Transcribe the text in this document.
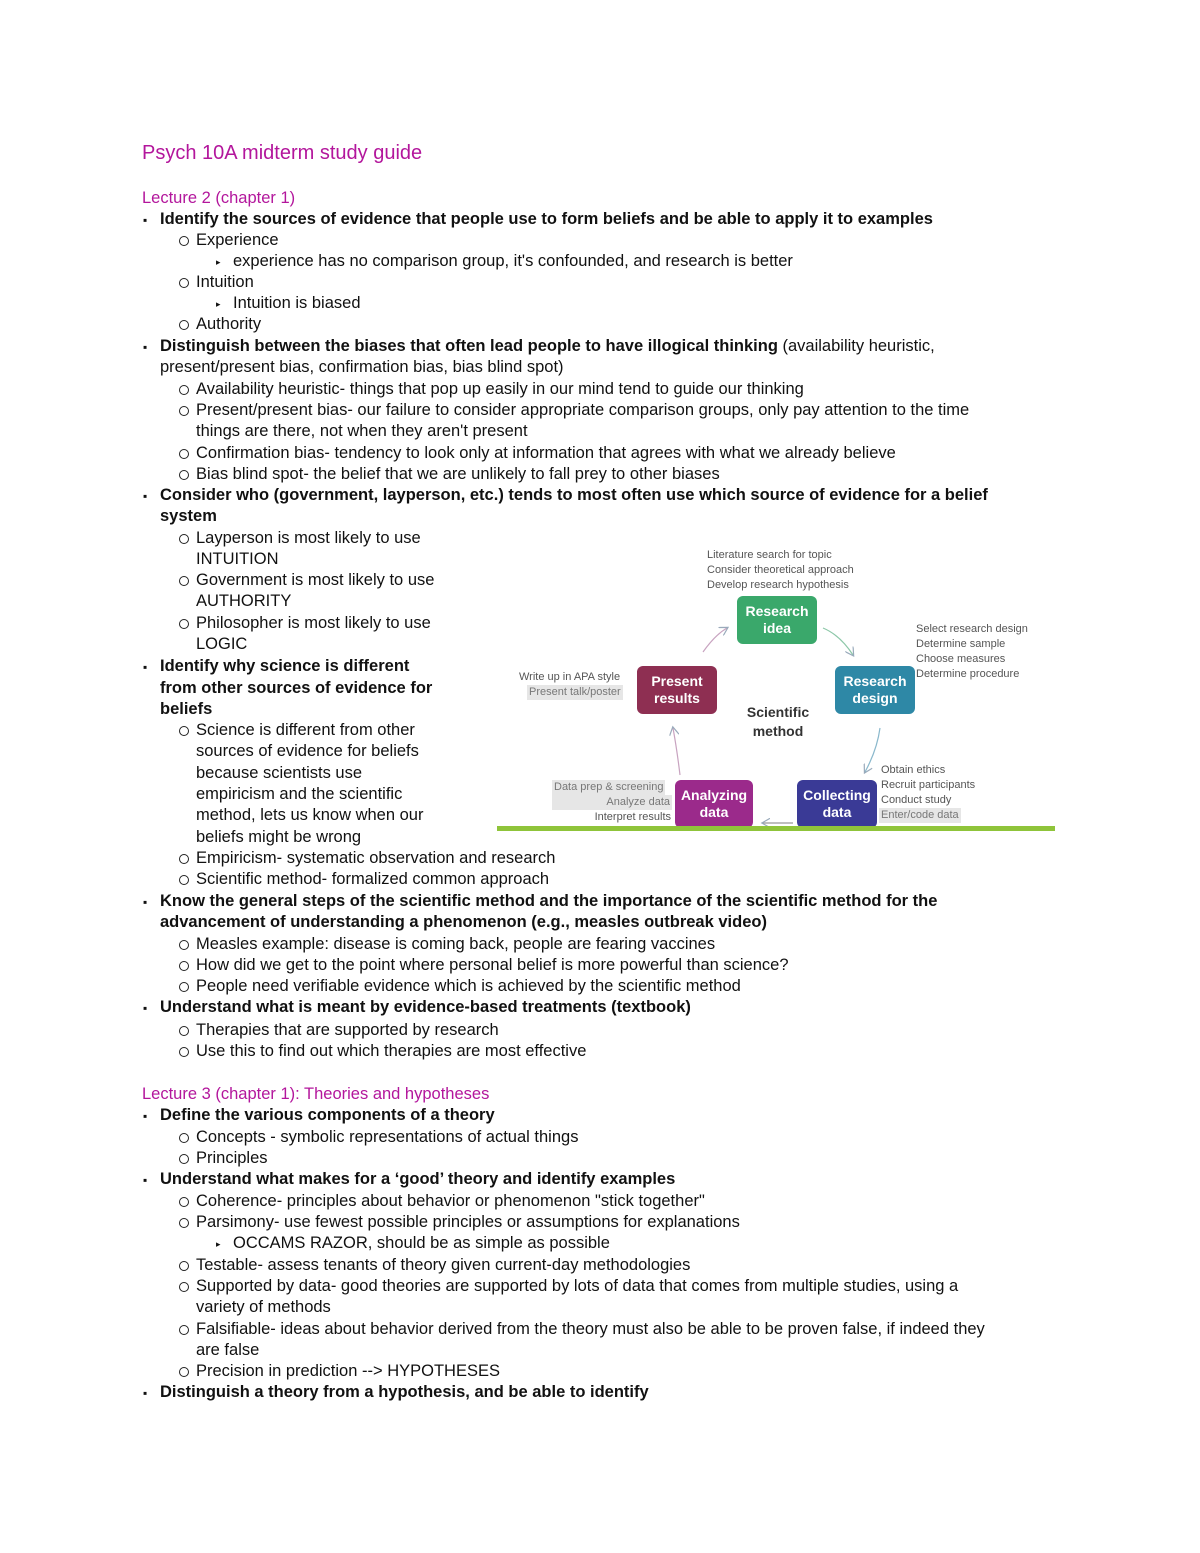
Psych 10A midterm study guide
Lecture 2 (chapter 1)
▪ Identify the sources of evidence that people use to form beliefs and be able to apply it to examples
Experience
▸ experience has no comparison group, it's confounded, and research is better
Intuition
▸ Intuition is biased
Authority
▪ Distinguish between the biases that often lead people to have illogical thinking (availability heuristic,
present/present bias, confirmation bias, bias blind spot)
Availability heuristic- things that pop up easily in our mind tend to guide our thinking
Present/present bias- our failure to consider appropriate comparison groups, only pay attention to the time
things are there, not when they aren't present
Confirmation bias- tendency to look only at information that agrees with what we already believe
Bias blind spot- the belief that we are unlikely to fall prey to other biases
▪ Consider who (government, layperson, etc.) tends to most often use which source of evidence for a belief
system
Layperson is most likely to use
INTUITION
Government is most likely to use
AUTHORITY
Philosopher is most likely to use
LOGIC
▪ Identify why science is different
from other sources of evidence for
beliefs
Science is different from other
sources of evidence for beliefs
because scientists use
empiricism and the scientific
method, lets us know when our
beliefs might be wrong
Empiricism- systematic observation and research
Scientific method- formalized common approach
▪ Know the general steps of the scientific method and the importance of the scientific method for the
advancement of understanding a phenomenon (e.g., measles outbreak video)
Measles example: disease is coming back, people are fearing vaccines
How did we get to the point where personal belief is more powerful than science?
People need verifiable evidence which is achieved by the scientific method
▪ Understand what is meant by evidence-based treatments (textbook)
Therapies that are supported by research
Use this to find out which therapies are most effective
Lecture 3 (chapter 1): Theories and hypotheses
▪ Define the various components of a theory
Concepts - symbolic representations of actual things
Principles
▪ Understand what makes for a ‘good’ theory and identify examples
Coherence- principles about behavior or phenomenon "stick together"
Parsimony- use fewest possible principles or assumptions for explanations
▸ OCCAMS RAZOR, should be as simple as possible
Testable- assess tenants of theory given current-day methodologies
Supported by data- good theories are supported by lots of data that comes from multiple studies, using a
variety of methods
Falsifiable- ideas about behavior derived from the theory must also be able to be proven false, if indeed they
are false
Precision in prediction --> HYPOTHESES
▪ Distinguish a theory from a hypothesis, and be able to identify
Literature search for topic
Consider theoretical approach
Develop research hypothesis
Research
idea	Select research design
Determine sample
Choose measures
Determine procedure
Research
design
Write up in APA style
Present talk/poster
Present
results
Scientific
method
Data prep & screening
Analyze data
Interpret results
Analyzing
data
Collecting
data
Obtain ethics
Recruit participants
Conduct study
Enter/code data
